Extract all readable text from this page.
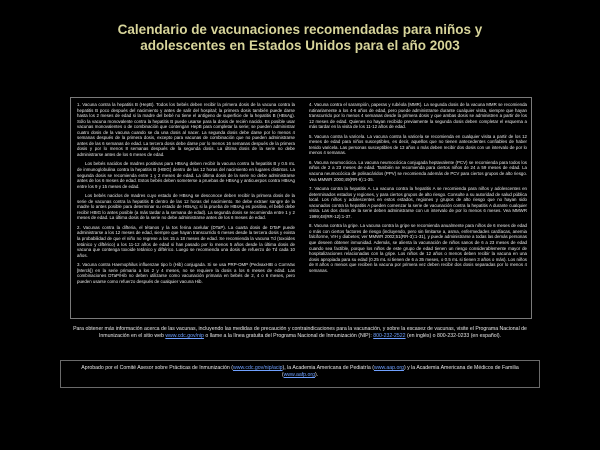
Calendario de vacunaciones recomendadas para niños y adolescentes en Estados Unidos para el año 2003

1. Vacuna contra la hepatitis B (HepB). Todos los bebés deben recibir la primera dosis de la vacuna contra la hepatitis B poco después del nacimiento y antes de salir del hospital; la primera dosis también puede darse hasta los 2 meses de edad si la madre del bebé no tiene el antígeno de superficie de la hepatitis B (HBsAg). Sólo la vacuna monovalente contra la hepatitis B puede usarse para la dosis de recién nacido. Es posible usar vacunas monovalentes o de combinación que contengan HepB para completar la serie; se pueden administrar cuatro dosis de la vacuna cuando se da una dosis al nacer. La segunda dosis debe darse por lo menos 4 semanas después de la primera dosis, excepto para vacunas de combinación que no pueden administrarse antes de las 6 semanas de edad. La tercera dosis debe darse por lo menos 16 semanas después de la primera dosis y por lo menos 8 semanas después de la segunda dosis. La última dosis de la serie no debe administrarse antes de los 6 meses de edad.

Los bebés nacidos de madres positivas para HBsAg deben recibir la vacuna contra la hepatitis B y 0.5 mL de inmunoglobulina contra la hepatitis B (HBIG) dentro de las 12 horas del nacimiento en lugares distintos. La segunda dosis se recomienda entre 1 y 2 meses de edad. La última dosis de la serie no debe administrarse antes de los 6 meses de edad. Estos bebés deben someterse a pruebas de HBsAg y anticuerpos contra HBsAg entre los 9 y 15 meses de edad.

Los bebés nacidos de madres cuyo estado de HBsAg se desconoce deben recibir la primera dosis de la serie de vacunas contra la hepatitis B dentro de las 12 horas del nacimiento. Se debe extraer sangre de la madre lo antes posible para determinar su estado de HBsAg; si la prueba de HBsAg es positiva, el bebé debe recibir HBIG lo antes posible (a más tardar a la semana de edad). La segunda dosis se recomienda entre 1 y 2 meses de edad. La última dosis de la serie no debe administrarse antes de los 6 meses de edad.

2. Vacunas contra la difteria, el tétanos y la tos ferina acelular (DTaP). La cuarta dosis de DTaP puede administrarse a los 12 meses de edad, siempre que hayan transcurrido 6 meses desde la tercera dosis y exista la probabilidad de que el niño no regrese a los 15 a 18 meses de edad. Se recomienda la vacuna Td (toxoides tetánico y diftérico) a los 11-12 años de edad si han pasado por lo menos 5 años desde la última dosis de vacuna que contenga toxoide tetánico y diftérico. Luego se recomienda una dosis de refuerzo de Td cada 10 años.

3. Vacuna contra Haemophilus influenzae tipo b (Hib) conjugada. Si se usa PRP-OMP (PedvaxHIB o ComVax [Merck]) en la serie primaria a los 2 y 4 meses, no se requiere la dosis a los 6 meses de edad. Las combinaciones DTaP/Hib no deben utilizarse como vacunación primaria en bebés de 2, 4 o 6 meses, pero pueden usarse como refuerzo después de cualquier vacuna Hib.

4. Vacuna contra el sarampión, paperas y rubéola (MMR). La segunda dosis de la vacuna MMR se recomienda rutinariamente a los 4-6 años de edad, pero puede administrarse durante cualquier visita, siempre que hayan transcurrido por lo menos 4 semanas desde la primera dosis y que ambas dosis se administren a partir de los 12 meses de edad. Quienes no hayan recibido previamente la segunda dosis deben completar el esquema a más tardar en la visita de los 11-12 años de edad.

5. Vacuna contra la varicela. La vacuna contra la varicela se recomienda en cualquier visita a partir de los 12 meses de edad para niños susceptibles, es decir, aquellos que no tienen antecedentes confiables de haber tenido varicela. Las personas susceptibles de 13 años o más deben recibir dos dosis con un intervalo de por lo menos 4 semanas.

6. Vacuna neumocócica. La vacuna neumocócica conjugada heptavalente (PCV) se recomienda para todos los niños de 2 a 23 meses de edad. También se recomienda para ciertos niños de 24 a 59 meses de edad. La vacuna neumocócica de polisacáridos (PPV) se recomienda además de PCV para ciertos grupos de alto riesgo. Vea MMWR 2000;49(RR-9):1-35.

7. Vacuna contra la hepatitis A. La vacuna contra la hepatitis A se recomienda para niños y adolescentes en determinados estados y regiones, y para ciertos grupos de alto riesgo. Consulte a su autoridad de salud pública local. Los niños y adolescentes en estos estados, regiones y grupos de alto riesgo que no hayan sido vacunados contra la hepatitis A pueden comenzar la serie de vacunación contra la hepatitis A durante cualquier visita. Las dos dosis de la serie deben administrarse con un intervalo de por lo menos 6 meses. Vea MMWR 1999;48(RR-12):1-37.

8. Vacuna contra la gripe. La vacuna contra la gripe se recomienda anualmente para niños de 6 meses de edad o más con ciertos factores de riesgo (incluyendo, pero sin limitarse a, asma, enfermedades cardíacas, anemia falciforme, VIH y diabetes; ver MMWR 2002;51(RR-3):1-31), y puede administrarse a todas las demás personas que deseen obtener inmunidad. Además, se alienta la vacunación de niños sanos de 6 a 23 meses de edad cuando sea factible, porque los niños de este grupo de edad tienen un riesgo considerablemente mayor de hospitalizaciones relacionadas con la gripe. Los niños de 12 años o menos deben recibir la vacuna en una dosis apropiada para su edad (0.25 mL si tienen de 6 a 35 meses, o 0.5 mL si tienen 3 años o más). Los niños de 8 años o menos que reciben la vacuna por primera vez deben recibir dos dosis separadas por lo menos 4 semanas.

Para obtener más información acerca de las vacunas, incluyendo las medidas de precaución y contraindicaciones para la vacunación, y sobre la escasez de vacunas, visite el Programa Nacional de Inmunización en el sitio web www.cdc.gov/nip o llame a la línea gratuita del Programa Nacional de Inmunización (NIP): 800-232-2522 (en inglés) o 800-232-0233 (en español).
Aprobado por el Comité Asesor sobre Prácticas de Inmunización (www.cdc.gov/nip/acip), la Academia Americana de Pediatría (www.aap.org) y la Academia Americana de Médicos de Familia (www.aafp.org).
